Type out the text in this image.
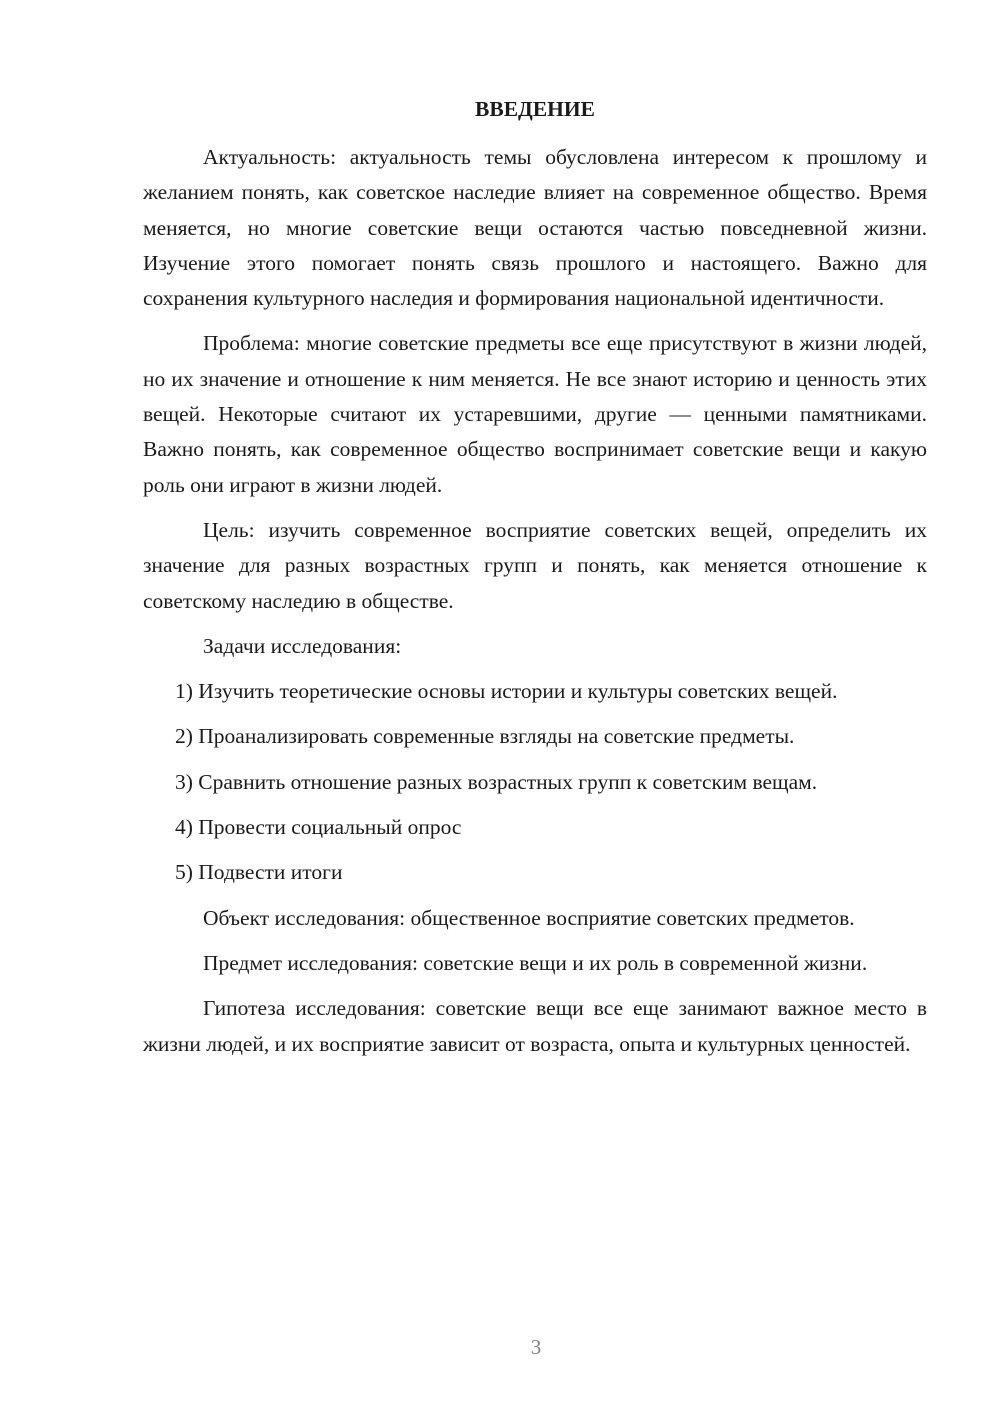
ВВЕДЕНИЕ

Актуальность: актуальность темы обусловлена интересом к прошлому и желанием понять, как советское наследие влияет на современное общество. Время меняется, но многие советские вещи остаются частью повседневной жизни. Изучение этого помогает понять связь прошлого и настоящего. Важно для сохранения культурного наследия и формирования национальной идентичности.

Проблема: многие советские предметы все еще присутствуют в жизни людей, но их значение и отношение к ним меняется. Не все знают историю и ценность этих вещей. Некоторые считают их устаревшими, другие — ценными памятниками. Важно понять, как современное общество воспринимает советские вещи и какую роль они играют в жизни людей.

Цель: изучить современное восприятие советских вещей, определить их значение для разных возрастных групп и понять, как меняется отношение к советскому наследию в обществе.

Задачи исследования:

1) Изучить теоретические основы истории и культуры советских вещей.

2) Проанализировать современные взгляды на советские предметы.

3) Сравнить отношение разных возрастных групп к советским вещам.

4) Провести социальный опрос

5) Подвести итоги

Объект исследования: общественное восприятие советских предметов.

Предмет исследования: советские вещи и их роль в современной жизни.

Гипотеза исследования: советские вещи все еще занимают важное место в жизни людей, и их восприятие зависит от возраста, опыта и культурных ценностей.

3
